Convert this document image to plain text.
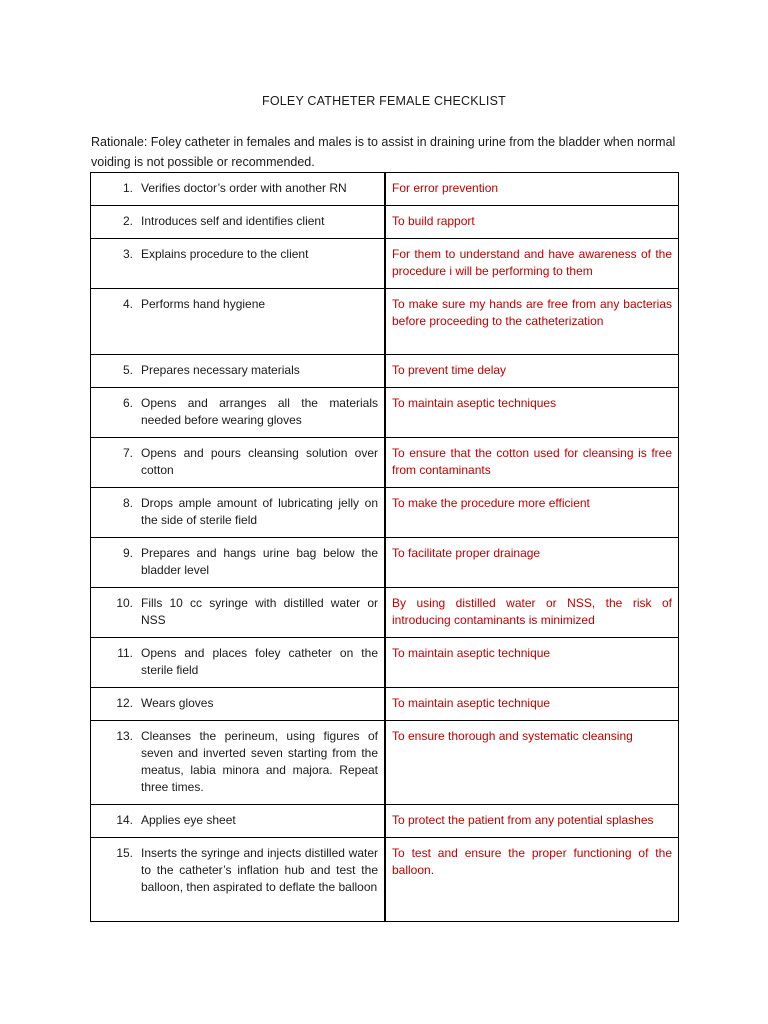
FOLEY CATHETER FEMALE CHECKLIST
Rationale: Foley catheter in females and males is to assist in draining urine from the bladder when normal voiding is not possible or recommended.
1. Verifies doctor’s order with another RN	For error prevention

2. Introduces self and identifies client	To build rapport

3. Explains procedure to the client	For them to understand and have awareness of the procedure i will be performing to them

4. Performs hand hygiene	To make sure my hands are free from any bacterias before proceeding to the catheterization

5. Prepares necessary materials	To prevent time delay

6. Opens and arranges all the materials needed before wearing gloves	To maintain aseptic techniques

7. Opens and pours cleansing solution over cotton	To ensure that the cotton used for cleansing is free from contaminants

8. Drops ample amount of lubricating jelly on the side of sterile field	To make the procedure more efficient

9. Prepares and hangs urine bag below the bladder level	To facilitate proper drainage

10. Fills 10 cc syringe with distilled water or NSS	By using distilled water or NSS, the risk of introducing contaminants is minimized

11. Opens and places foley catheter on the sterile field	To maintain aseptic technique

12. Wears gloves	To maintain aseptic technique

13. Cleanses the perineum, using figures of seven and inverted seven starting from the meatus, labia minora and majora. Repeat three times.	To ensure thorough and systematic cleansing

14. Applies eye sheet	To protect the patient from any potential splashes

15. Inserts the syringe and injects distilled water to the catheter’s inflation hub and test the balloon, then aspirated to deflate the balloon	To test and ensure the proper functioning of the balloon.
